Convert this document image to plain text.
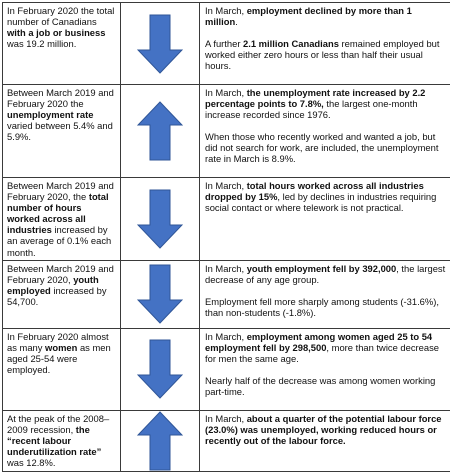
In February 2020 the total number of Canadians with a job or business was 19.2 million.		In March, employment declined by more than 1 million.

A further 2.1 million Canadians remained employed but worked either zero hours or less than half their usual hours.

Between March 2019 and February 2020 the unemployment rate varied between 5.4% and 5.9%.		In March, the unemployment rate increased by 2.2 percentage points to 7.8%, the largest one-month increase recorded since 1976.

When those who recently worked and wanted a job, but did not search for work, are included, the unemployment rate in March is 8.9%.

Between March 2019 and February 2020, the total number of hours worked across all industries increased by an average of 0.1% each month.		In March, total hours worked across all industries dropped by 15%, led by declines in industries requiring social contact or where telework is not practical.

Between March 2019 and February 2020, youth employed increased by 54,700.		In March, youth employment fell by 392,000, the largest decrease of any age group.

Employment fell more sharply among students (-31.6%), than non-students (-1.8%).

In February 2020 almost as many women as men aged 25-54 were employed.		In March, employment among women aged 25 to 54 employment fell by 298,500, more than twice decrease for men the same age.

Nearly half of the decrease was among women working part-time.

At the peak of the 2008–2009 recession, the “recent labour underutilization rate” was 12.8%.		In March, about a quarter of the potential labour force (23.0%) was unemployed, working reduced hours or recently out of the labour force.
